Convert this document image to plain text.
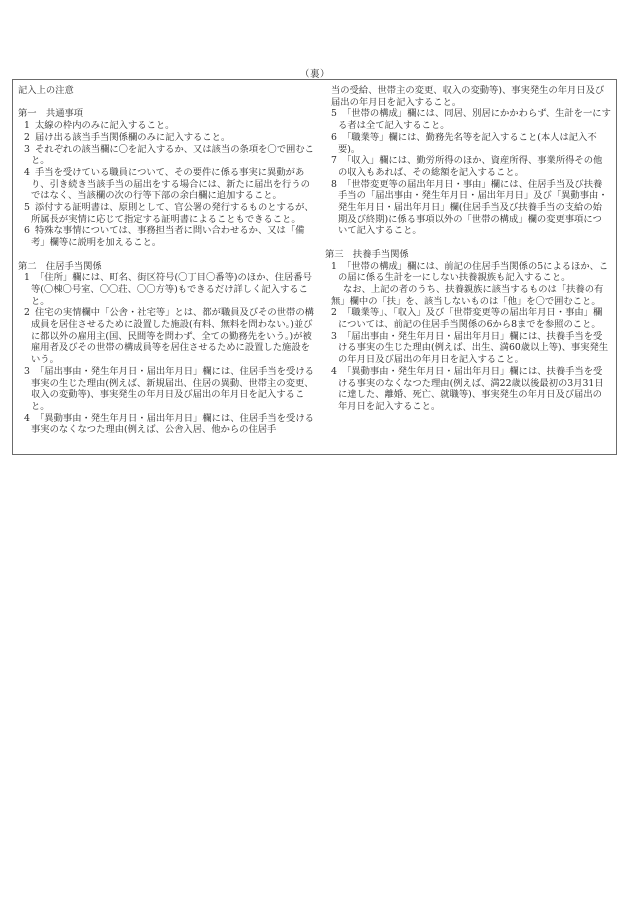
（裏）

記入上の注意

第一　共通事項

1 太線の枠内のみに記入すること。

2 届け出る該当手当関係欄のみに記入すること。

3 それぞれの該当欄に〇を記入するか、又は該当の条項を〇で囲むこと。

4 手当を受けている職員について、その要件に係る事実に異動があり、引き続き当該手当の届出をする場合には、新たに届出を行うのではなく、当該欄の次の行等下部の余白欄に追加すること。

5 添付する証明書は、原則として、官公署の発行するものとするが、所属長が実情に応じて指定する証明書によることもできること。

6 特殊な事情については、事務担当者に問い合わせるか、又は「備考」欄等に説明を加えること。

第二　住居手当関係

1 「住所」欄には、町名、街区符号(〇丁目〇番等)のほか、住居番号等(〇棟〇号室、〇〇荘、〇〇方等)もできるだけ詳しく記入すること。

2 住宅の実情欄中「公舎・社宅等」とは、都が職員及びその世帯の構成員を居住させるために設置した施設(有料、無料を問わない。)並びに都以外の雇用主(国、民間等を問わず、全ての勤務先をいう。)が被雇用者及びその世帯の構成員等を居住させるために設置した施設をいう。

3 「届出事由・発生年月日・届出年月日」欄には、住居手当を受ける事実の生じた理由(例えば、新規届出、住居の異動、世帯主の変更、収入の変動等)、事実発生の年月日及び届出の年月日を記入すること。

4 「異動事由・発生年月日・届出年月日」欄には、住居手当を受ける事実のなくなつた理由(例えば、公舎入居、他からの住居手

当の受給、世帯主の変更、収入の変動等)、事実発生の年月日及び届出の年月日を記入すること。

5 「世帯の構成」欄には、同居、別居にかかわらず、生計を一にする者は全て記入すること。

6 「職業等」欄には、勤務先名等を記入すること(本人は記入不要)。

7 「収入」欄には、勤労所得のほか、資産所得、事業所得その他の収入もあれば、その総額を記入すること。

8 「世帯変更等の届出年月日・事由」欄には、住居手当及び扶養手当の「届出事由・発生年月日・届出年月日」及び「異動事由・発生年月日・届出年月日」欄(住居手当及び扶養手当の支給の始期及び終期)に係る事項以外の「世帯の構成」欄の変更事項について記入すること。

第三　扶養手当関係

1 「世帯の構成」欄には、前記の住居手当関係の5によるほか、この届に係る生計を一にしない扶養親族も記入すること。

なお、上記の者のうち、扶養親族に該当するものは「扶養の有無」欄中の「扶」を、該当しないものは「他」を〇で囲むこと。

2 「職業等」、「収入」及び「世帯変更等の届出年月日・事由」欄については、前記の住居手当関係の6から8までを参照のこと。

3 「届出事由・発生年月日・届出年月日」欄には、扶養手当を受ける事実の生じた理由(例えば、出生、満60歳以上等)、事実発生の年月日及び届出の年月日を記入すること。

4 「異動事由・発生年月日・届出年月日」欄には、扶養手当を受ける事実のなくなつた理由(例えば、満22歳以後最初の3月31日に達した、離婚、死亡、就職等)、事実発生の年月日及び届出の年月日を記入すること。
